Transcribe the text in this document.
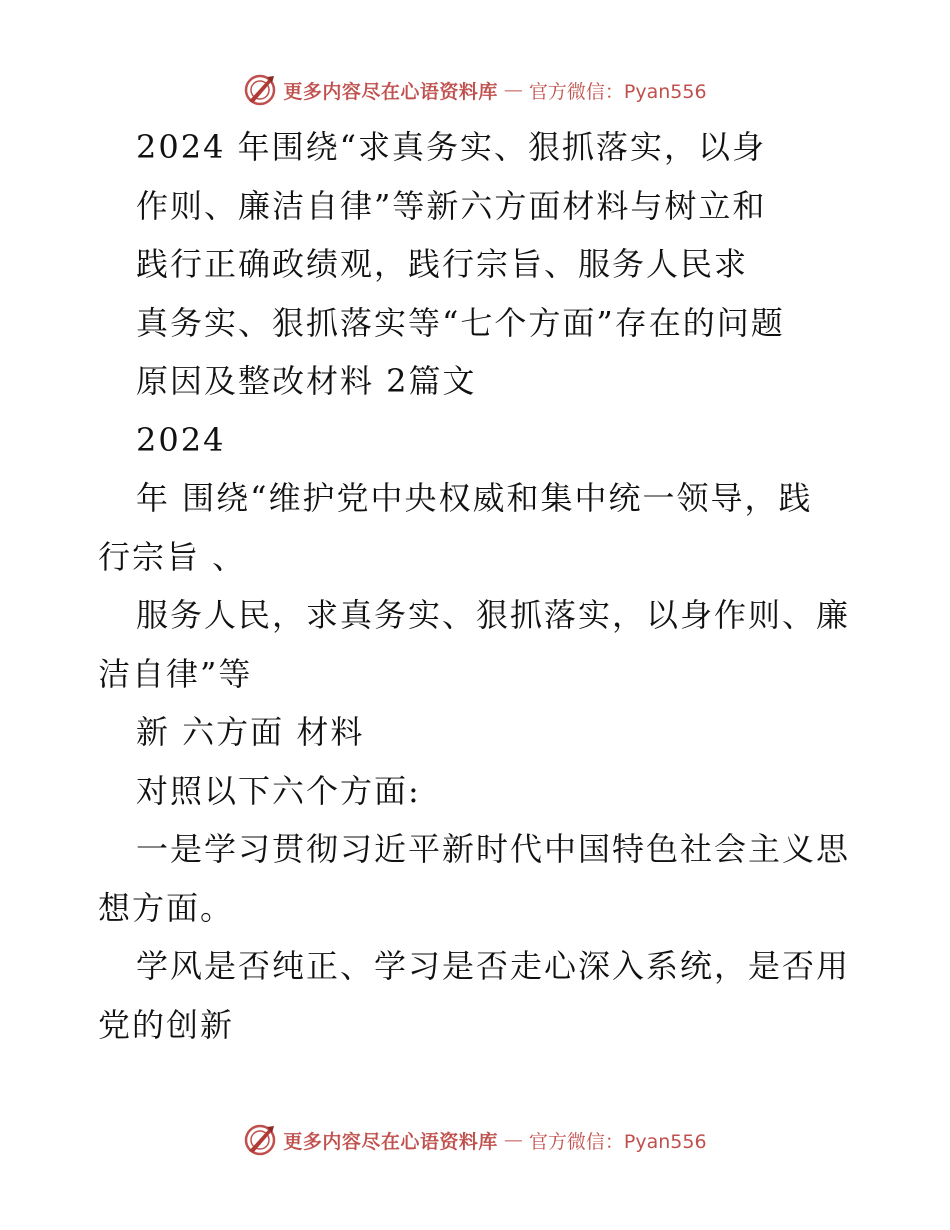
更多内容尽在心语资料库 — 官方微信：Pyan556
2024 年围绕“求真务实、狠抓落实，以身
作则、廉洁自律”等新六方面材料与树立和
践行正确政绩观，践行宗旨、服务人民求
真务实、狠抓落实等“七个方面”存在的问题
原因及整改材料 2篇文
2024
年 围绕“维护党中央权威和集中统一领导，践
行宗旨 、
服务人民，求真务实、狠抓落实，以身作则、廉
洁自律”等
新 六方面 材料
对照以下六个方面:
一是学习贯彻习近平新时代中国特色社会主义思
想方面。
学风是否纯正、学习是否走心深入系统，是否用
党的创新
更多内容尽在心语资料库 — 官方微信：Pyan556
